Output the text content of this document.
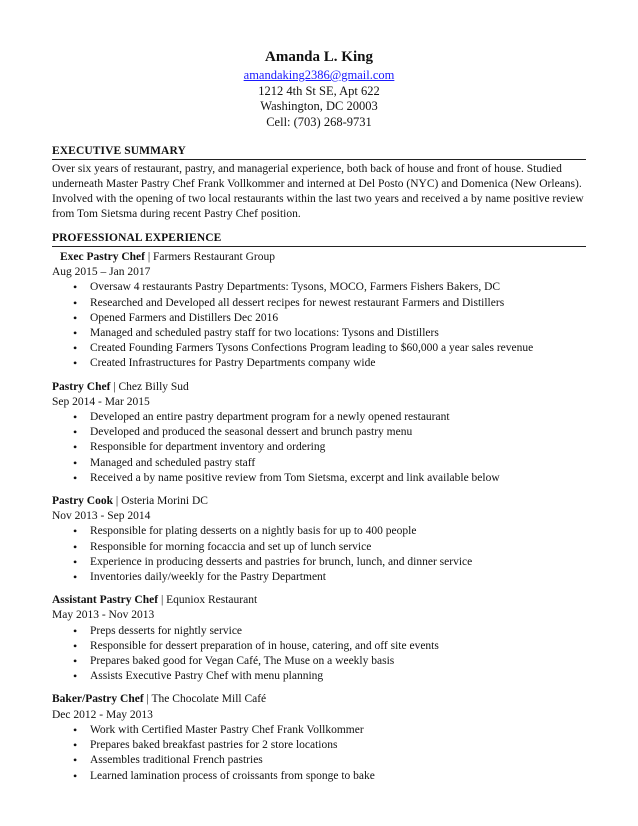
Amanda L. King
amandaking2386@gmail.com
1212 4th St SE, Apt 622
Washington, DC 20003
Cell: (703) 268-9731
EXECUTIVE SUMMARY
Over six years of restaurant, pastry, and managerial experience, both back of house and front of house. Studied underneath Master Pastry Chef Frank Vollkommer and interned at Del Posto (NYC) and Domenica (New Orleans). Involved with the opening of two local restaurants within the last two years and received a by name positive review from Tom Sietsma during recent Pastry Chef position.
PROFESSIONAL EXPERIENCE
Exec Pastry Chef | Farmers Restaurant Group
Aug 2015 – Jan 2017
• Oversaw 4 restaurants Pastry Departments: Tysons, MOCO, Farmers Fishers Bakers, DC
• Researched and Developed all dessert recipes for newest restaurant Farmers and Distillers
• Opened Farmers and Distillers Dec 2016
• Managed and scheduled pastry staff for two locations: Tysons and Distillers
• Created Founding Farmers Tysons Confections Program leading to $60,000 a year sales revenue
• Created Infrastructures for Pastry Departments company wide
Pastry Chef | Chez Billy Sud
Sep 2014 - Mar 2015
• Developed an entire pastry department program for a newly opened restaurant
• Developed and produced the seasonal dessert and brunch pastry menu
• Responsible for department inventory and ordering
• Managed and scheduled pastry staff
• Received a by name positive review from Tom Sietsma, excerpt and link available below
Pastry Cook | Osteria Morini DC
Nov 2013 - Sep 2014
• Responsible for plating desserts on a nightly basis for up to 400 people
• Responsible for morning focaccia and set up of lunch service
• Experience in producing desserts and pastries for brunch, lunch, and dinner service
• Inventories daily/weekly for the Pastry Department
Assistant Pastry Chef | Equniox Restaurant
May 2013 - Nov 2013
• Preps desserts for nightly service
• Responsible for dessert preparation of in house, catering, and off site events
• Prepares baked good for Vegan Café, The Muse on a weekly basis
• Assists Executive Pastry Chef with menu planning
Baker/Pastry Chef | The Chocolate Mill Café
Dec 2012 - May 2013
• Work with Certified Master Pastry Chef Frank Vollkommer
• Prepares baked breakfast pastries for 2 store locations
• Assembles traditional French pastries
• Learned lamination process of croissants from sponge to bake
